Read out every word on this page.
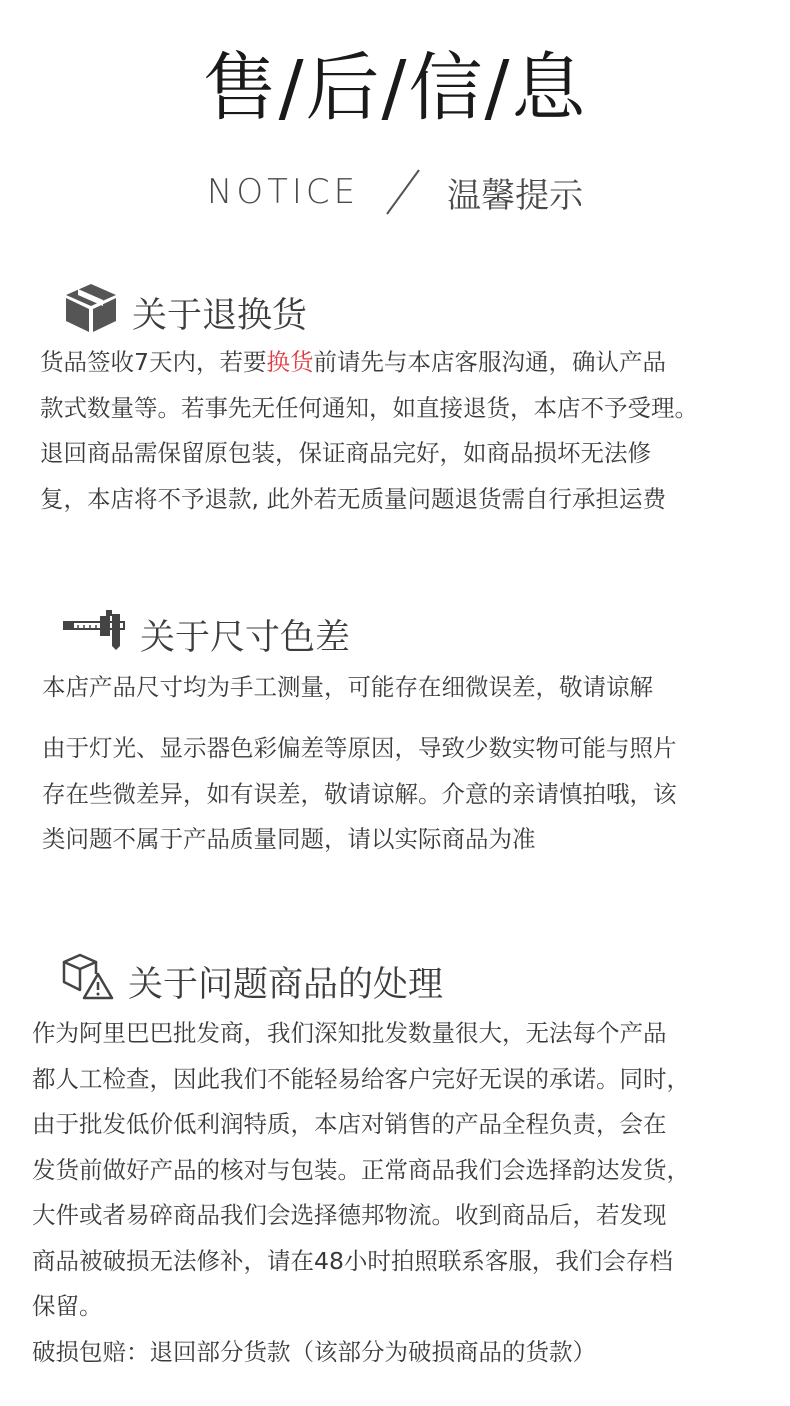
售/后/信/息
NOTICE	温馨提示
关于退换货
货品签收7天内，若要换货前请先与本店客服沟通，确认产品
款式数量等。若事先无任何通知，如直接退货，本店不予受理。
退回商品需保留原包装，保证商品完好，如商品损坏无法修
复，本店将不予退款, 此外若无质量问题退货需自行承担运费
关于尺寸色差
本店产品尺寸均为手工测量，可能存在细微误差，敬请谅解
由于灯光、显示器色彩偏差等原因，导致少数实物可能与照片
存在些微差异，如有误差，敬请谅解。介意的亲请慎拍哦，该
类问题不属于产品质量同题，请以实际商品为准
关于问题商品的处理
作为阿里巴巴批发商，我们深知批发数量很大，无法每个产品
都人工检查，因此我们不能轻易给客户完好无误的承诺。同时，
由于批发低价低利润特质，本店对销售的产品全程负责，会在
发货前做好产品的核对与包装。正常商品我们会选择韵达发货，
大件或者易碎商品我们会选择德邦物流。收到商品后，若发现
商品被破损无法修补，请在48小时拍照联系客服，我们会存档
保留。
破损包赔：退回部分货款（该部分为破损商品的货款）
